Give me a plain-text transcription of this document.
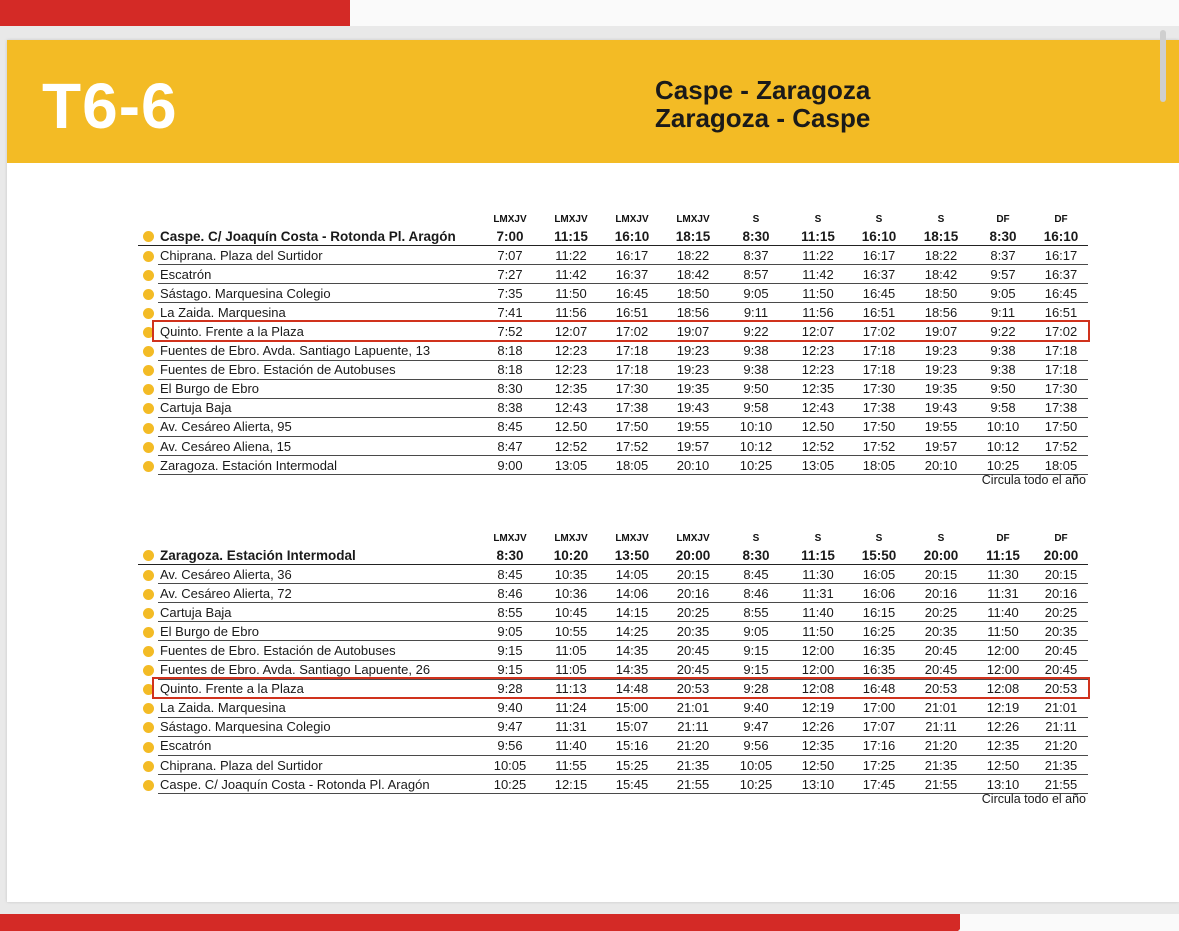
T6-6	Caspe - Zaragoza
Zaragoza - Caspe
		LMXJV	LMXJV	LMXJV	LMXJV	S	S	S	S	DF	DF
	Caspe. C/ Joaquín Costa - Rotonda Pl. Aragón	7:00	11:15	16:10	18:15	8:30	11:15	16:10	18:15	8:30	16:10
	Chiprana. Plaza del Surtidor	7:07	11:22	16:17	18:22	8:37	11:22	16:17	18:22	8:37	16:17
	Escatrón	7:27	11:42	16:37	18:42	8:57	11:42	16:37	18:42	9:57	16:37
	Sástago. Marquesina Colegio	7:35	11:50	16:45	18:50	9:05	11:50	16:45	18:50	9:05	16:45
	La Zaida. Marquesina	7:41	11:56	16:51	18:56	9:11	11:56	16:51	18:56	9:11	16:51
	Quinto. Frente a la Plaza	7:52	12:07	17:02	19:07	9:22	12:07	17:02	19:07	9:22	17:02
	Fuentes de Ebro. Avda. Santiago Lapuente, 13	8:18	12:23	17:18	19:23	9:38	12:23	17:18	19:23	9:38	17:18
	Fuentes de Ebro. Estación de Autobuses	8:18	12:23	17:18	19:23	9:38	12:23	17:18	19:23	9:38	17:18
	El Burgo de Ebro	8:30	12:35	17:30	19:35	9:50	12:35	17:30	19:35	9:50	17:30
	Cartuja Baja	8:38	12:43	17:38	19:43	9:58	12:43	17:38	19:43	9:58	17:38
	Av. Cesáreo Alierta, 95	8:45	12.50	17:50	19:55	10:10	12.50	17:50	19:55	10:10	17:50
	Av. Cesáreo Aliena, 15	8:47	12:52	17:52	19:57	10:12	12:52	17:52	19:57	10:12	17:52
	Zaragoza. Estación Intermodal	9:00	13:05	18:05	20:10	10:25	13:05	18:05	20:10	10:25	18:05
Circula todo el año
		LMXJV	LMXJV	LMXJV	LMXJV	S	S	S	S	DF	DF
	Zaragoza. Estación Intermodal	8:30	10:20	13:50	20:00	8:30	11:15	15:50	20:00	11:15	20:00
	Av. Cesáreo Alierta, 36	8:45	10:35	14:05	20:15	8:45	11:30	16:05	20:15	11:30	20:15
	Av. Cesáreo Alierta, 72	8:46	10:36	14:06	20:16	8:46	11:31	16:06	20:16	11:31	20:16
	Cartuja Baja	8:55	10:45	14:15	20:25	8:55	11:40	16:15	20:25	11:40	20:25
	El Burgo de Ebro	9:05	10:55	14:25	20:35	9:05	11:50	16:25	20:35	11:50	20:35
	Fuentes de Ebro. Estación de Autobuses	9:15	11:05	14:35	20:45	9:15	12:00	16:35	20:45	12:00	20:45
	Fuentes de Ebro. Avda. Santiago Lapuente, 26	9:15	11:05	14:35	20:45	9:15	12:00	16:35	20:45	12:00	20:45
	Quinto. Frente a la Plaza	9:28	11:13	14:48	20:53	9:28	12:08	16:48	20:53	12:08	20:53
	La Zaida. Marquesina	9:40	11:24	15:00	21:01	9:40	12:19	17:00	21:01	12:19	21:01
	Sástago. Marquesina Colegio	9:47	11:31	15:07	21:11	9:47	12:26	17:07	21:11	12:26	21:11
	Escatrón	9:56	11:40	15:16	21:20	9:56	12:35	17:16	21:20	12:35	21:20
	Chiprana. Plaza del Surtidor	10:05	11:55	15:25	21:35	10:05	12:50	17:25	21:35	12:50	21:35
	Caspe. C/ Joaquín Costa - Rotonda Pl. Aragón	10:25	12:15	15:45	21:55	10:25	13:10	17:45	21:55	13:10	21:55
Circula todo el año
